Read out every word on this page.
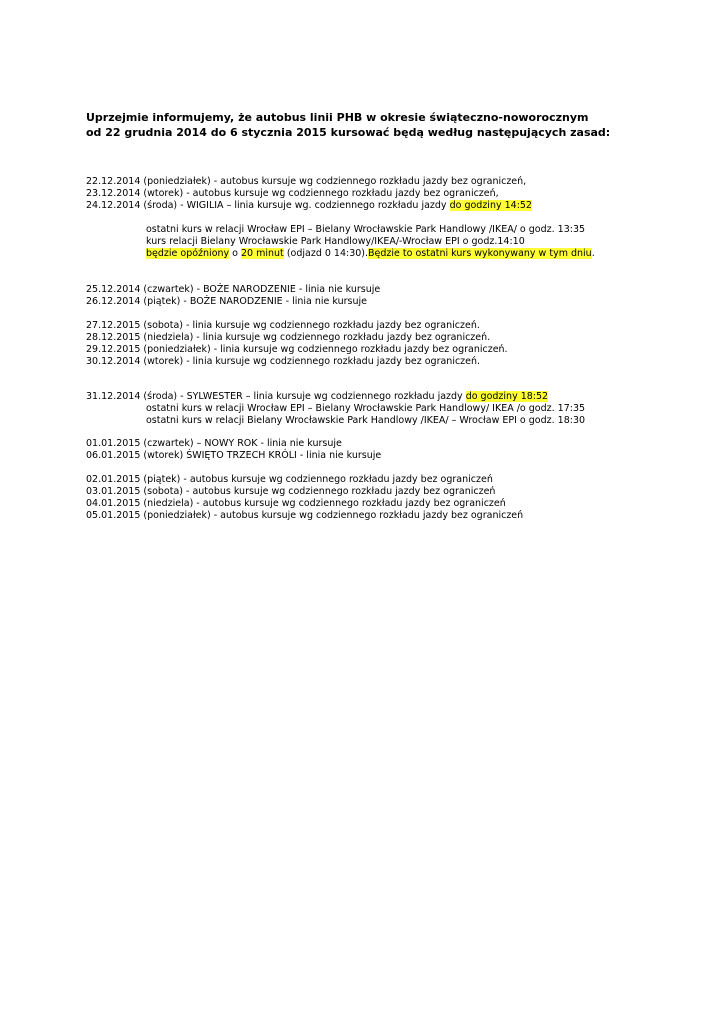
Uprzejmie informujemy, że autobus linii PHB w okresie świąteczno-noworocznym
od 22 grudnia 2014 do 6 stycznia 2015 kursować będą według następujących zasad:
22.12.2014 (poniedziałek) - autobus kursuje wg codziennego rozkładu jazdy bez ograniczeń,
23.12.2014 (wtorek) - autobus kursuje wg codziennego rozkładu jazdy bez ograniczeń,
24.12.2014 (środa) - WIGILIA – linia kursuje wg. codziennego rozkładu jazdy do godziny 14:52
ostatni kurs w relacji Wrocław EPI – Bielany Wrocławskie Park Handlowy /IKEA/ o godz. 13:35
kurs relacji Bielany Wrocławskie Park Handlowy/IKEA/-Wrocław EPI o godz.14:10
będzie opóźniony o 20 minut (odjazd 0 14:30).Będzie to ostatni kurs wykonywany w tym dniu.
25.12.2014 (czwartek) - BOŻE NARODZENIE - linia nie kursuje
26.12.2014 (piątek) - BOŻE NARODZENIE - linia nie kursuje
27.12.2015 (sobota) - linia kursuje wg codziennego rozkładu jazdy bez ograniczeń.
28.12.2015 (niedziela) - linia kursuje wg codziennego rozkładu jazdy bez ograniczeń.
29.12.2015 (poniedziałek) - linia kursuje wg codziennego rozkładu jazdy bez ograniczeń.
30.12.2014 (wtorek) - linia kursuje wg codziennego rozkładu jazdy bez ograniczeń.
31.12.2014 (środa) - SYLWESTER – linia kursuje wg codziennego rozkładu jazdy do godziny 18:52
ostatni kurs w relacji Wrocław EPI – Bielany Wrocławskie Park Handlowy/ IKEA /o godz. 17:35
ostatni kurs w relacji Bielany Wrocławskie Park Handlowy /IKEA/ – Wrocław EPI o godz. 18:30
01.01.2015 (czwartek) – NOWY ROK - linia nie kursuje
06.01.2015 (wtorek) ŚWIĘTO TRZECH KRÓLI - linia nie kursuje
02.01.2015 (piątek) - autobus kursuje wg codziennego rozkładu jazdy bez ograniczeń
03.01.2015 (sobota) - autobus kursuje wg codziennego rozkładu jazdy bez ograniczeń
04.01.2015 (niedziela) - autobus kursuje wg codziennego rozkładu jazdy bez ograniczeń
05.01.2015 (poniedziałek) - autobus kursuje wg codziennego rozkładu jazdy bez ograniczeń
